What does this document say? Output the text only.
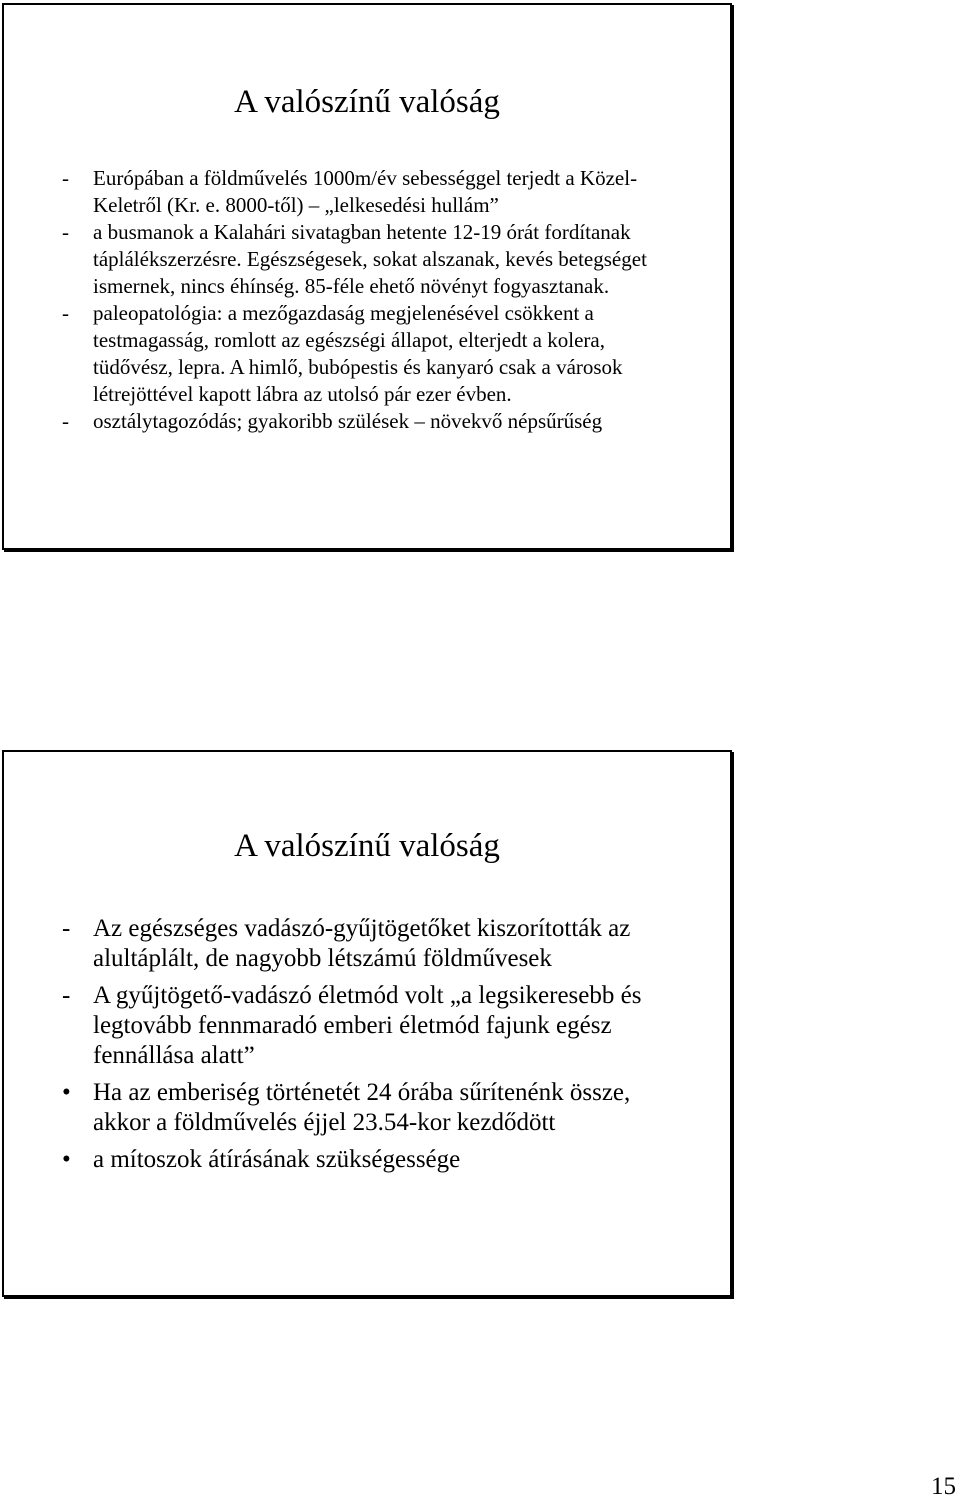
A valószínű valóság
-	Európában a földművelés 1000m/év sebességgel terjedt a Közel-Keletről (Kr. e. 8000-től) – „lelkesedési hullám”
-	a busmanok a Kalahári sivatagban hetente 12-19 órát fordítanak táplálékszerzésre. Egészségesek, sokat alszanak, kevés betegséget ismernek, nincs éhínség. 85-féle ehető növényt fogyasztanak.
-	paleopatológia: a mezőgazdaság megjelenésével csökkent a testmagasság, romlott az egészségi állapot, elterjedt a kolera, tüdővész, lepra. A himlő, bubópestis és kanyaró csak a városok létrejöttével kapott lábra az utolsó pár ezer évben.
-	osztálytagozódás; gyakoribb szülések – növekvő népsűrűség
A valószínű valóság
- Az egészséges vadászó-gyűjtögetőket kiszorították az alultáplált, de nagyobb létszámú földművesek
- A gyűjtögető-vadászó életmód volt „a legsikeresebb és legtovább fennmaradó emberi életmód fajunk egész fennállása alatt”
• Ha az emberiség történetét 24 órába sűrítenénk össze, akkor a földművelés éjjel 23.54-kor kezdődött
• a mítoszok átírásának szükségessége
15
